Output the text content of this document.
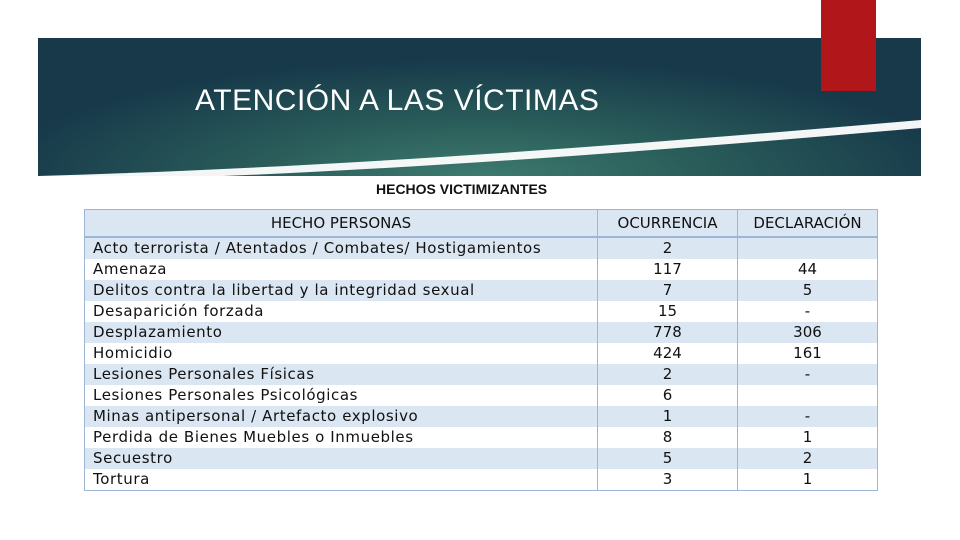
ATENCIÓN A LAS VÍCTIMAS
HECHOS VICTIMIZANTES
HECHO PERSONAS	OCURRENCIA	DECLARACIÓN
Acto terrorista / Atentados / Combates/ Hostigamientos	2	
Amenaza	117	44
Delitos contra la libertad y la integridad sexual	7	5
Desaparición forzada	15	-
Desplazamiento	778	306
Homicidio	424	161
Lesiones Personales Físicas	2	-
Lesiones Personales Psicológicas	6	
Minas antipersonal / Artefacto explosivo	1	-
Perdida de Bienes Muebles o Inmuebles	8	1
Secuestro	5	2
Tortura	3	1
